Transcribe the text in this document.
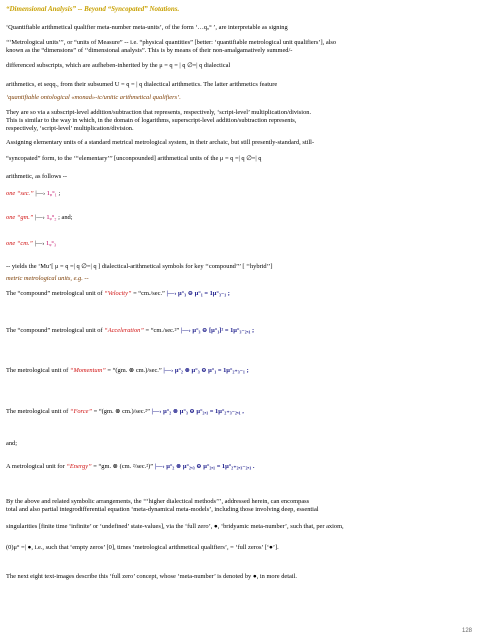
“Dimensional Analysis” -- Beyond “Syncopated” Notations.
‘Quantifiable arithmetical qualifier meta-number meta-units’, of the form ‘…qᵤ° ’, are interpretable as signing
‘‘‘Metrological units’’’, or “units of Measure” -- i.e. “physical quantities” [better: ‘quantifiable metrological unit qualifiers’], also
known as the “dimensions” of ‘‘dimensional analysis”. This is by means of their non-amalgamatively summed/-
differenced subscripts, which are aufheben-inherited by the μ = q = | q ∅=| q dialectical
arithmetics, et seqq., from their subsumed U = q = | q dialectical arithmetics. The latter arithmetics feature
‘quantifiable ontological «monad»-ic/unitic arithmetical qualifiers’.
They are so via a subscript-level addition/subtraction that represents, respectively, ‘script-level’ multiplication/division.
This is similar to the way in which, in the domain of logarithms, superscript-level addition/subtraction represents,
respectively, ‘script-level’ multiplication/division.
Assigning elementary units of a standard metrical metrological system, in their archaic, but still presently-standard, still-
“syncopated” form, to the ‘‘‘elementary’’’ [unconpounded] arithmetical units of the μ = q =| q ∅=| q
arithmetic, as follows --
one “sec.” |—› 1ᵩ°₁ ;
one “gm.” |—› 1ᵩ°₂ ; and;
one “cm.” |—› 1ᵩ°₃
-- yields the ‘Mu’[ μ = q =| q ∅=| q ] dialectical-arithmetical symbols for key ‘‘compound’’’ [ ‘‘hybrid’’]
metric metrological units, e.g. --
The “compound” metrological unit of “Velocity” = “cm./sec.” |—› μ°₃ ⊖ μ°₁ = 1μ°₃₋₁ ;
The “compound” metrological unit of “Acceleration” = “cm./sec.²” |—› μ°₃ ⊖ [μ°₁]² = 1μ°₃₋₂ₓ₁ ;
The metrological unit of “Momentum” = “(gm. ⊗ cm.)/sec.” |—› μ°₂ ⊗ μ°₃ ⊖ μ°₁ = 1μ°₂₊₃₋₁ ;
The metrological unit of “Force” = “(gm. ⊗ cm.)/sec.²” |—› μ°₂ ⊗ μ°₃ ⊖ μ°₂ₓ₁ = 1μ°₂₊₃₋₂ₓ₁ ,
and;
A metrological unit for “Energy” = “gm. ⊗ (cm. ²/sec.²)” |—› μ°₂ ⊗ μ°₂ₓ₃ ⊖ μ°₂ₓ₁ = 1μ°₂₊₂ₓ₃₋₂ₓ₁ .
By the above and related symbolic arrangements, the ‘‘‘higher dialectical methods’’’, addressed herein, can encompass
total and also partial integrodifferential equation ‘meta-dynamical meta-models’, including those involving deep, essential
singularities [finite time ‘infinite’ or ‘undefined’ state-values], via the ‘full zero’, ●, ‘bridyamic meta-number’, such that, per axiom,
(0)μ° =| ●, i.e., such that ‘empty zeros’ [0], times ‘metrological arithmetical qualifiers’, = ‘full zeros’ [‘●’].
The next eight text-images describe this ‘full zero’ concept, whose ‘meta-number’ is denoted by ●, in more detail.
128
